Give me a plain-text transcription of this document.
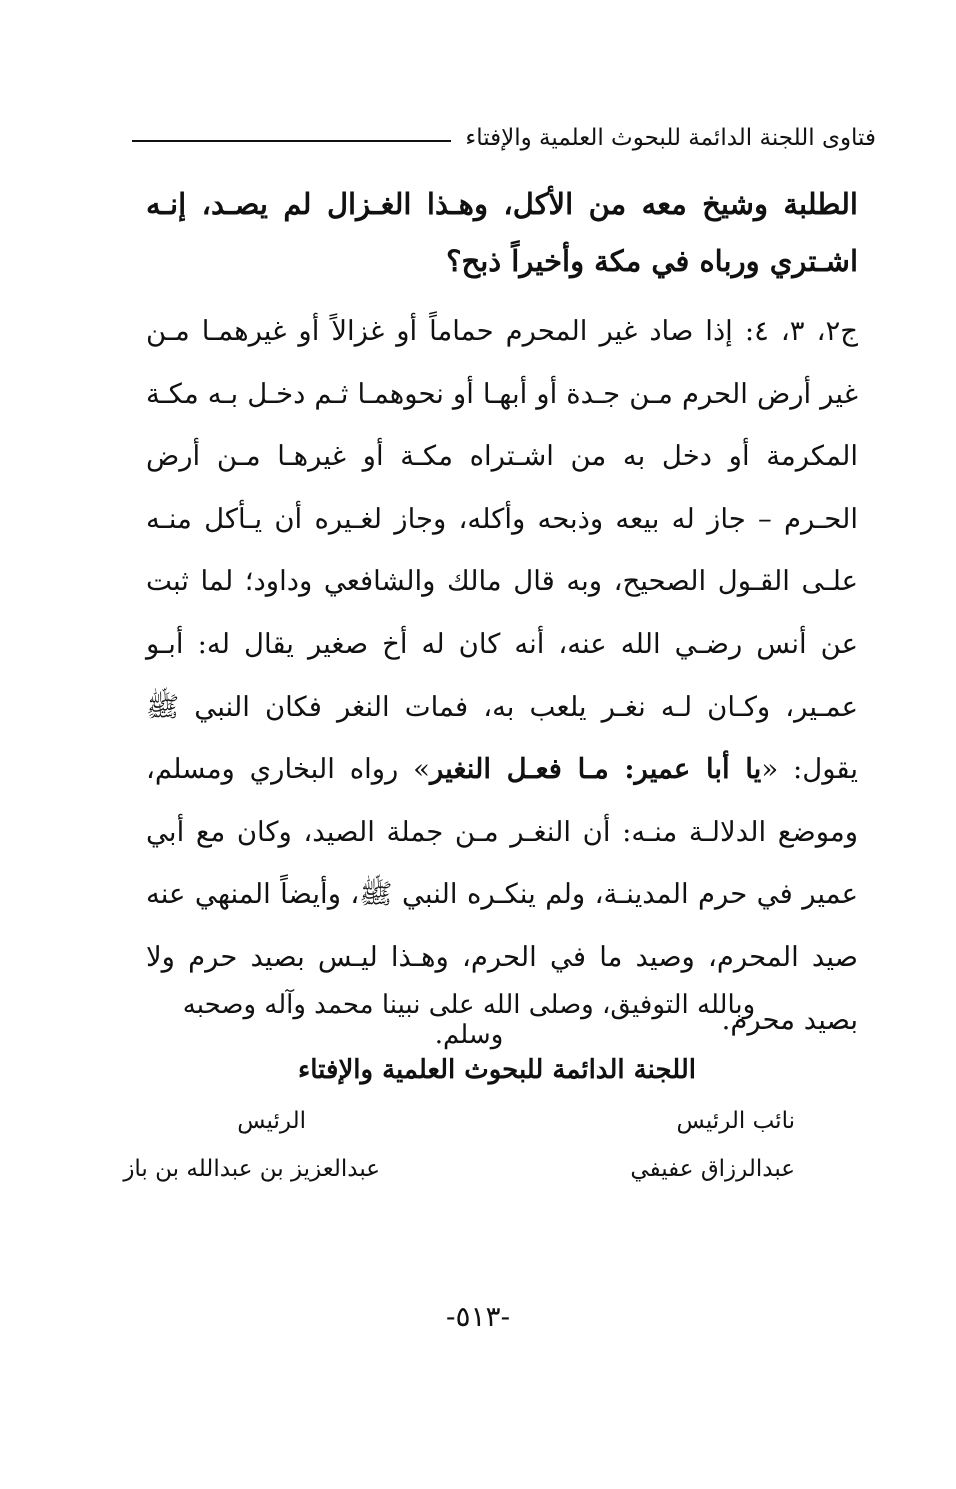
فتاوى اللجنة الدائمة للبحوث العلمية والإفتاء

الطلبة وشيخ معه من الأكل، وهـذا الغـزال لم يصـد، إنـه اشـتري ورباه في مكة وأخيراً ذبح؟

ج٢، ٣، ٤: إذا صاد غير المحرم حماماً أو غزالاً أو غيرهمـا مـن غير أرض الحرم مـن جـدة أو أبهـا أو نحوهمـا ثـم دخـل بـه مكـة المكرمة أو دخل به من اشـتراه مكـة أو غيرهـا مـن أرض الحـرم – جاز له بيعه وذبحه وأكله، وجاز لغـيره أن يـأكل منـه علـى القـول الصحيح، وبه قال مالك والشافعي وداود؛ لما ثبت عن أنس رضـي الله عنه، أنه كان له أخ صغير يقال له: أبـو عمـير، وكـان لـه نغـر يلعب به، فمات النغر فكان النبي ﷺ يقول: «يا أبا عمير: مـا فعـل النغير» رواه البخاري ومسلم، وموضع الدلالـة منـه: أن النغـر مـن جملة الصيد، وكان مع أبي عمير في حرم المدينـة، ولم ينكـره النبي ﷺ، وأيضاً المنهي عنه صيد المحرم، وصيد ما في الحرم، وهـذا ليـس بصيد حرم ولا بصيد محرم.

وبالله التوفيق، وصلى الله على نبينا محمد وآله وصحبه وسلم.
اللجنة الدائمة للبحوث العلمية والإفتاء
نائب الرئيس
عبدالرزاق عفيفي
الرئيس
عبدالعزيز بن عبدالله بن باز
-٥١٣-
